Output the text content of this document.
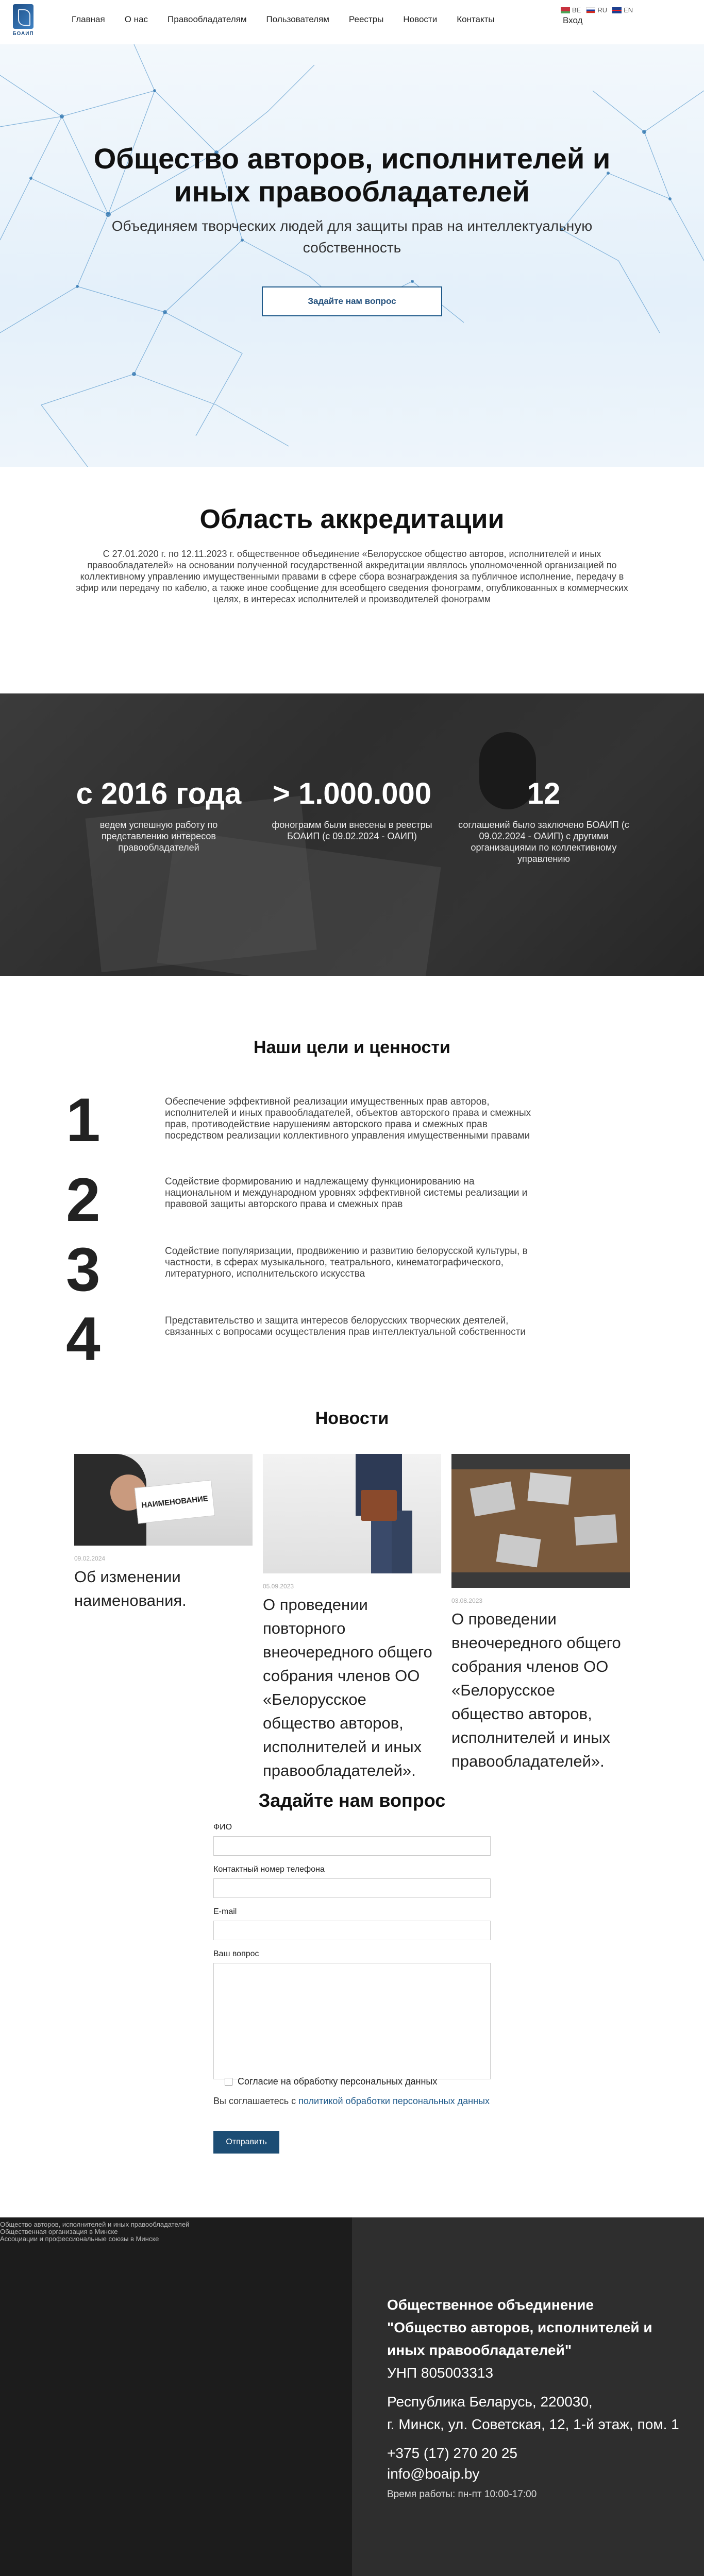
БОАИП
Главная	О нас	Правообладателям	Пользователям	Реестры	Новости	Контакты
BE RU EN
Вход
Общество авторов, исполнителей и
иных правообладателей
Объединяем творческих людей для защиты прав на интеллектуальную
собственность
Задайте нам вопрос
Область аккредитации

С 27.01.2020 г. по 12.11.2023 г. общественное объединение «Белорусское общество авторов, исполнителей и иных правообладателей» на основании полученной государственной аккредитации являлось уполномоченной организацией по коллективному управлению имущественными правами в сфере сбора вознаграждения за публичное исполнение, передачу в эфир или передачу по кабелю, а также иное сообщение для всеобщего сведения фонограмм, опубликованных в коммерческих целях, в интересах исполнителей и производителей фонограмм

с 2016 года
ведем успешную работу по представлению интересов правообладателей
> 1.000.000
фонограмм были внесены в реестры БОАИП (с 09.02.2024 - ОАИП)
12
соглашений было заключено БОАИП (с 09.02.2024 - ОАИП) с другими организациями по коллективному управлению
Наши цели и ценности
1	Обеспечение эффективной реализации имущественных прав авторов, исполнителей и иных правообладателей, объектов авторского права и смежных прав, противодействие нарушениям авторского права и смежных прав посредством реализации коллективного управления имущественными правами
2	Содействие формированию и надлежащему функционированию на национальном и международном уровнях эффективной системы реализации и правовой защиты авторского права и смежных прав
3	Содействие популяризации, продвижению и развитию белорусской культуры, в частности, в сферах музыкального, театрального, кинематографического, литературного, исполнительского искусства
4	Представительство и защита интересов белорусских творческих деятелей, связанных с вопросами осуществления прав интеллектуальной собственности
Новости
НАИМЕНОВАНИЕ
09.02.2024
Об изменении наименования.
05.09.2023
О проведении повторного внеочередного общего собрания членов ОО «Белорусское общество авторов, исполнителей и иных правообладателей».
03.08.2023
О проведении внеочередного общего собрания членов ОО «Белорусское общество авторов, исполнителей и иных правообладателей».
Задайте нам вопрос
ФИО
Контактный номер телефона
E-mail
Ваш вопрос
Согласие на обработку персональных данных
Вы соглашаетесь с политикой обработки персональных данных
Отправить
Общество авторов, исполнителей и иных правообладателей
Общественная организация в Минске
Ассоциации и профессиональные союзы в Минске
Общественное объединение "Общество авторов, исполнителей и иных правообладателей"
УНП 805003313
Республика Беларусь, 220030,
г. Минск, ул. Советская, 12, 1-й этаж, пом. 1
+375 (17) 270 20 25
info@boaip.by
Время работы: пн-пт 10:00-17:00
